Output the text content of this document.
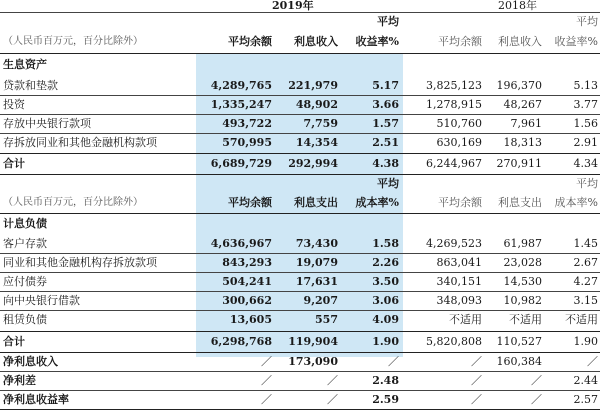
2019年	2018年
平均	平均
（人民币百万元，百分比除外）	平均余额 利息收入 收益率%	平均余额 利息收入 收益率%
生息资产
贷款和垫款	4,289,765 221,979	5.17 3,825,123 196,370	5.13
投资	1,335,247 48,902	3.66 1,278,915 48,267	3.77
存放中央银行款项	493,722	7,759	1.57	510,760	7,961	1.56
存拆放同业和其他金融机构款项	570,995 14,354	2.51	630,169 18,313	2.91
合计	6,689,729 292,994	4.38 6,244,967 270,911	4.34
平均	平均
（人民币百万元，百分比除外）	平均余额 利息支出 成本率%	平均余额 利息支出 成本率%
计息负债
客户存款	4,636,967 73,430	1.58 4,269,523 61,987	1.45
同业和其他金融机构存拆放款项	843,293 19,079	2.26	863,041 23,028	2.67
应付债券	504,241 17,631	3.50	340,151 14,530	4.27
向中央银行借款	300,662	9,207	3.06	348,093 10,982	3.15
租赁负债	13,605	557	4.09	不适用 不适用 不适用
合计	6,298,768 119,904	1.90 5,820,808 110,527	1.90
净利息收入	／ 173,090	／	／ 160,384	／
净利差	／	／	2.48	／	／	2.44
净利息收益率	／	／	2.59	／	／	2.57
